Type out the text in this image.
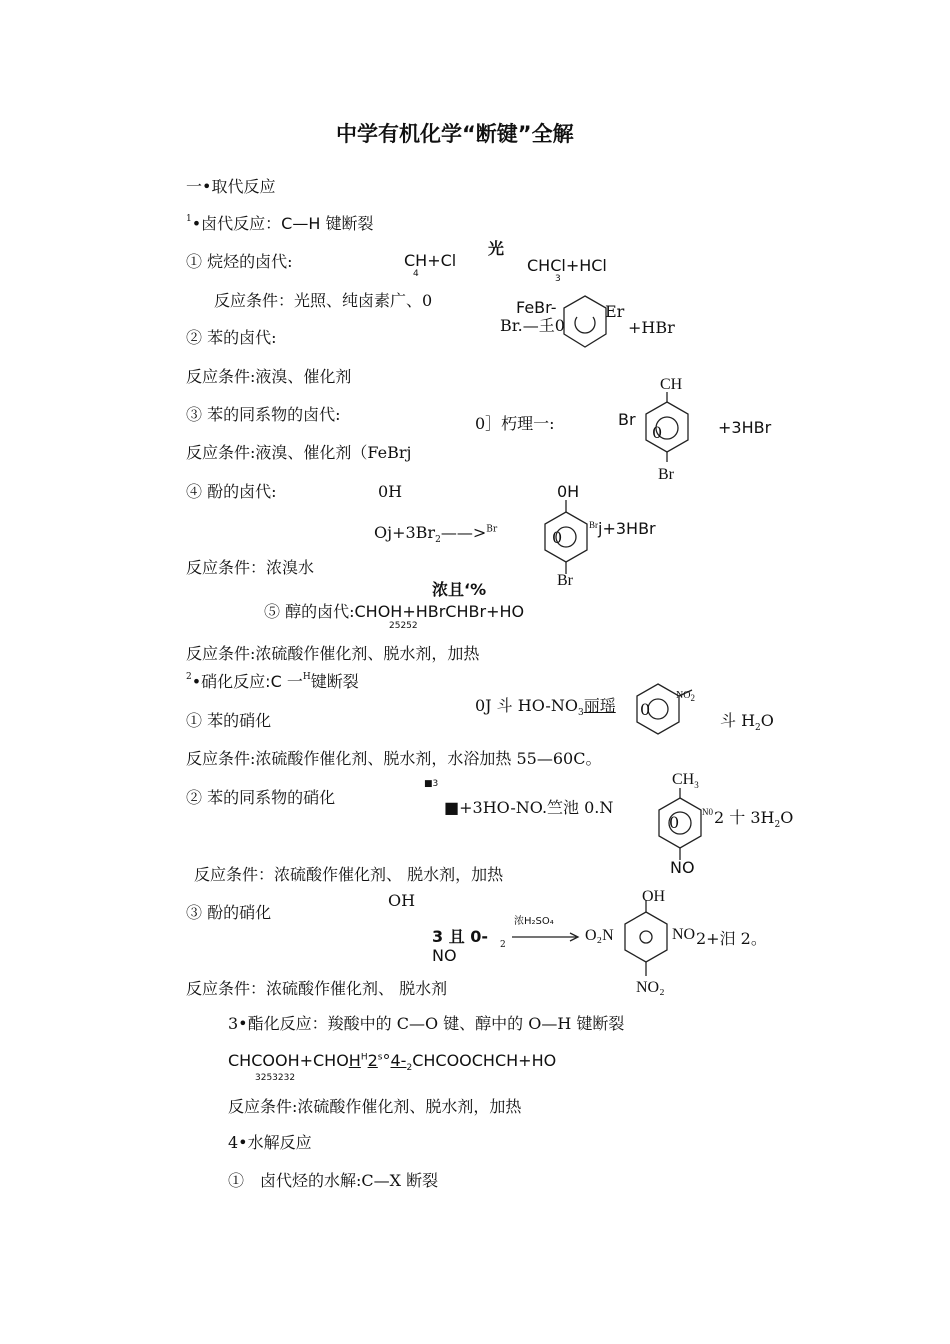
中学有机化学“断键”全解
一•取代反应
$^1$•卤代反应：C—H 键断裂
① 烷烃的卤代:	CH+Cl
4
光
CHCl+HCl
3
反应条件：光照、纯卤素广、0	FeBr-
Br.—𡈼0
Er
+HBr
② 苯的卤代:
反应条件:液溴、催化剂	CH
③ 苯的同系物的卤代:	0］朽理一:	Br
0	+3HBr
Br
反应条件:液溴、催化剂（FeBrj
④ 酚的卤代:	0H	0H
$Oj+3Br_2——>^{Br}$	0
Br j+3HBr
Br
反应条件：浓溴水
浓且‘%
⑤ 醇的卤代:CHOH+HBrCHBr+HO
25252
反应条件:浓硫酸作催化剂、脱水剂，加热
$^2$•硝化反应:C 一$^H$键断裂
0J 斗 $HO-NO_3$丽瑶 0
$NO_2$
① 苯的硝化	斗 $H_2O$
反应条件:浓硫酸作催化剂、脱水剂，水浴加热 55—60C。
■3	$CH_3$
② 苯的同系物的硝化
■+3HO-NO.竺池 0.N
0
N0 2 十 $3H_2O$
NO
反应条件：浓硫酸作催化剂、 脱水剂，加热
OH
③ 酚的硝化
3 且 0-
NO
2
浓H₂SO₄
O₂N
OH
NO 2+汨 2。
NO₂
反应条件：浓硫酸作催化剂、 脱水剂
3•酯化反应：羧酸中的 C—O 键、醇中的 O—H 键断裂
$CHCOOH+CHOH^H2^s^\circ 4-_2CHCOOCHCH+HO$
3253232
反应条件:浓硫酸作催化剂、脱水剂，加热
4•水解反应
①　卤代烃的水解:C—X 断裂
